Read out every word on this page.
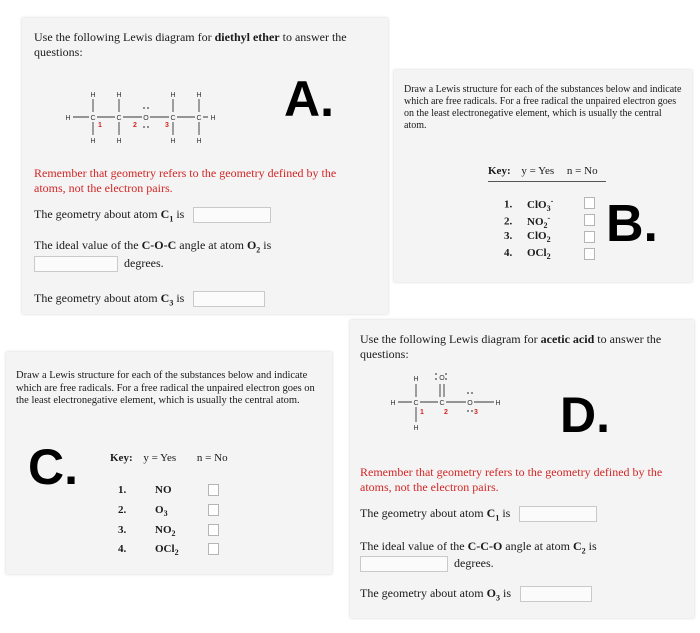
Use the following Lewis diagram for diethyl ether to answer the questions:

H	H	H	H
H	H
H	H	H	H
C	C	O	C	C
1	2	3 A.

Remember that geometry refers to the geometry defined by the atoms, not the electron pairs.

The geometry about atom $C_1$ is

The ideal value of the C-O-C angle at atom $O_2$ is

degrees.

The geometry about atom $C_3$ is

Draw a Lewis structure for each of the substances below and indicate which are free radicals. For a free radical the unpaired electron goes on the least electronegative element, which is usually the central atom.

Key: y = Yes n = No
1. ClO$_3$-
2. $NO_2^-$
3. ClO$_2$
4. OCl$_2$
B.

Draw a Lewis structure for each of the substances below and indicate which are free radicals. For a free radical the unpaired electron goes on the least electronegative element, which is usually the central atom.

C.	Key: y = Yes n = No
1.	NO
2.	$O_3$
3.	$NO_2$
4.	OCl$_2$

Use the following Lewis diagram for acetic acid to answer the questions:

H	O
H	H
H
C	C	O
1	2	3 D.

Remember that geometry refers to the geometry defined by the atoms, not the electron pairs.

The geometry about atom $C_1$ is

The ideal value of the C-C-O angle at atom $C_2$ is

degrees.

The geometry about atom $O_3$ is
